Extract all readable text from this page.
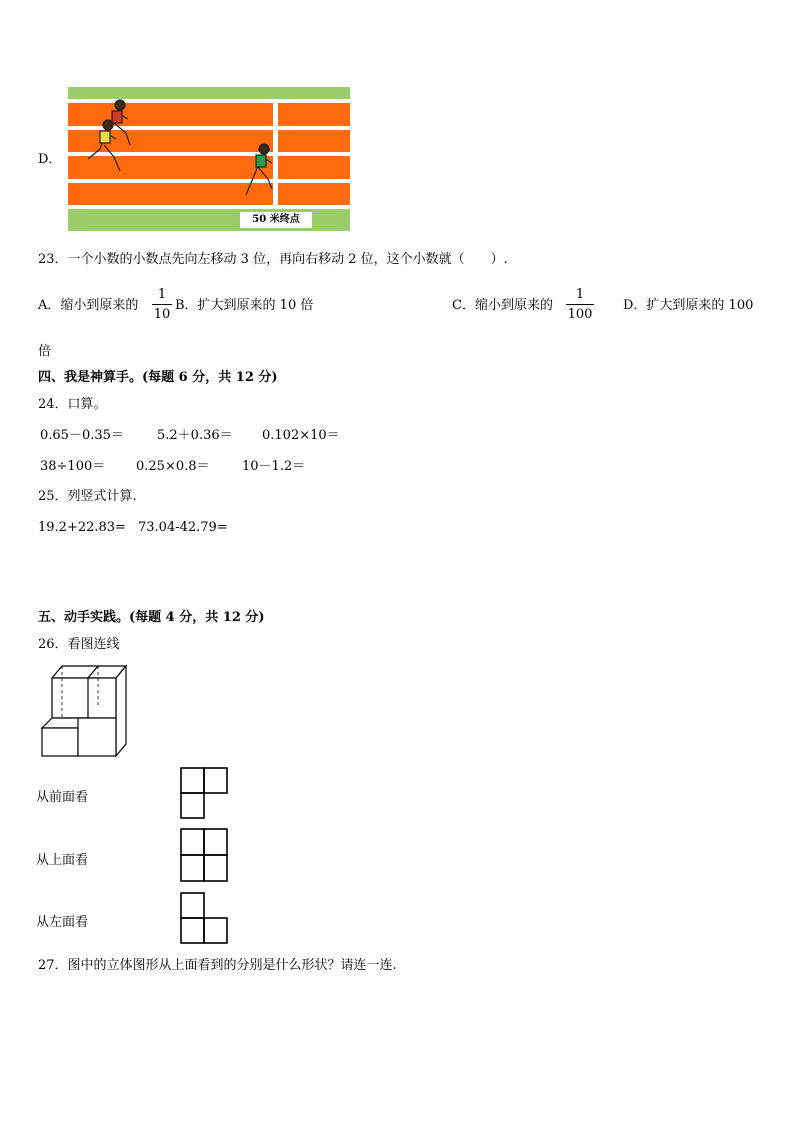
D．
50 米终点
23．一个小数的小数点先向左移动 3 位，再向右移动 2 位，这个小数就（　　）.
A．缩小到原来的
1
10
B．扩大到原来的 10 倍	C．缩小到原来的
1
100
D．扩大到原来的 100
倍
四、我是神算手。(每题 6 分，共 12 分)
24．口算。
0.65－0.35＝	5.2＋0.36＝ 0.102×10＝
38÷100＝ 0.25×0.8＝ 10－1.2＝
25．列竖式计算.
19.2+22.83= 73.04-42.79=
五、动手实践。(每题 4 分，共 12 分)
26．看图连线
从前面看
从上面看
从左面看
27．图中的立体图形从上面看到的分别是什么形状？请连一连.
